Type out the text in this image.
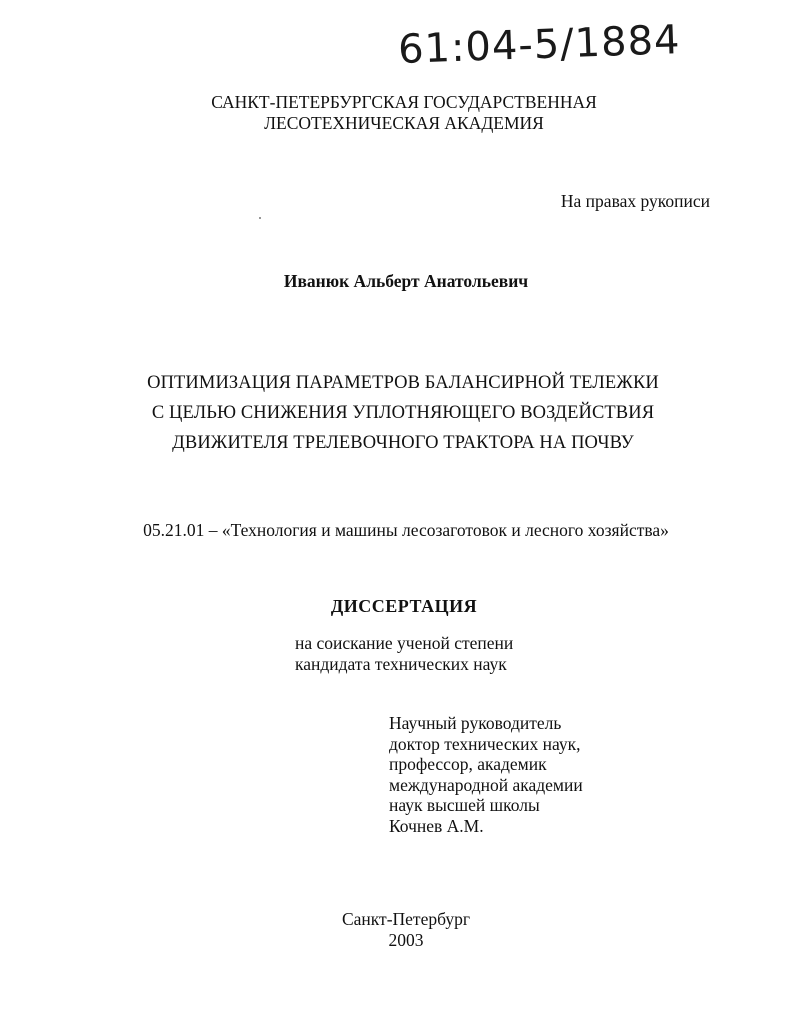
61:04-5/1884
САНКТ-ПЕТЕРБУРГСКАЯ ГОСУДАРСТВЕННАЯ
ЛЕСОТЕХНИЧЕСКАЯ АКАДЕМИЯ
На правах рукописи
Иванюк Альберт Анатольевич
ОПТИМИЗАЦИЯ ПАРАМЕТРОВ БАЛАНСИРНОЙ ТЕЛЕЖКИ
С ЦЕЛЬЮ СНИЖЕНИЯ УПЛОТНЯЮЩЕГО ВОЗДЕЙСТВИЯ
ДВИЖИТЕЛЯ ТРЕЛЕВОЧНОГО ТРАКТОРА НА ПОЧВУ
05.21.01 – «Технология и машины лесозаготовок и лесного хозяйства»
ДИССЕРТАЦИЯ
на соискание ученой степени
кандидата технических наук
Научный руководитель
доктор технических наук,
профессор, академик
международной академии
наук высшей школы
Кочнев А.М.
Санкт-Петербург
2003
